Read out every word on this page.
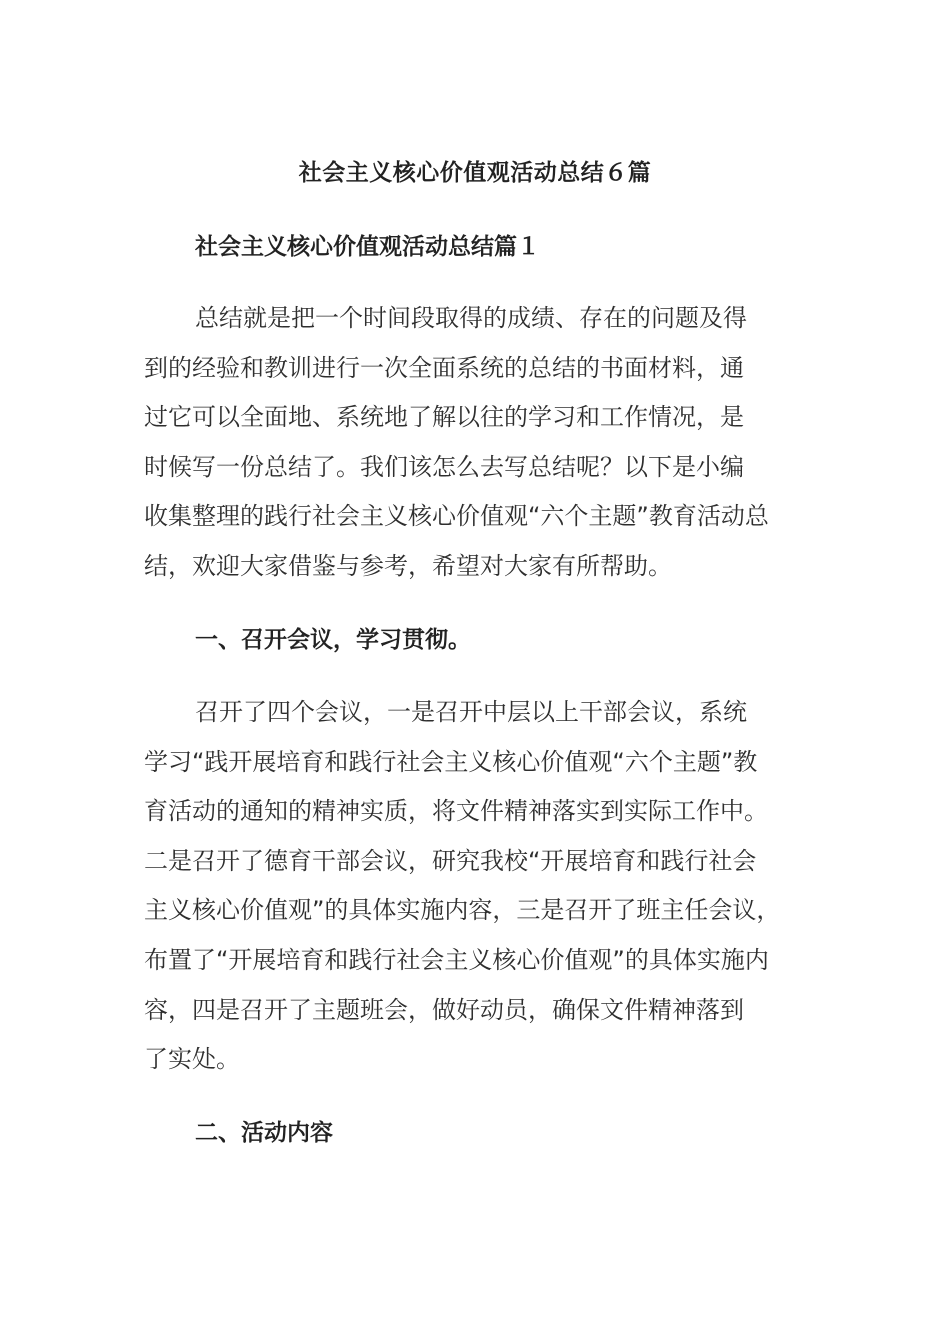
社会主义核心价值观活动总结６篇
社会主义核心价值观活动总结篇１

总结就是把一个时间段取得的成绩、存在的问题及得
到的经验和教训进行一次全面系统的总结的书面材料，通
过它可以全面地、系统地了解以往的学习和工作情况，是
时候写一份总结了。我们该怎么去写总结呢？以下是小编
收集整理的践行社会主义核心价值观“六个主题”教育活动总
结，欢迎大家借鉴与参考，希望对大家有所帮助。

一、召开会议，学习贯彻。

召开了四个会议，一是召开中层以上干部会议，系统
学习“践开展培育和践行社会主义核心价值观“六个主题”教
育活动的通知的精神实质，将文件精神落实到实际工作中。
二是召开了德育干部会议，研究我校“开展培育和践行社会
主义核心价值观”的具体实施内容，三是召开了班主任会议，
布置了“开展培育和践行社会主义核心价值观”的具体实施内
容，四是召开了主题班会，做好动员，确保文件精神落到
了实处。

二、活动内容
